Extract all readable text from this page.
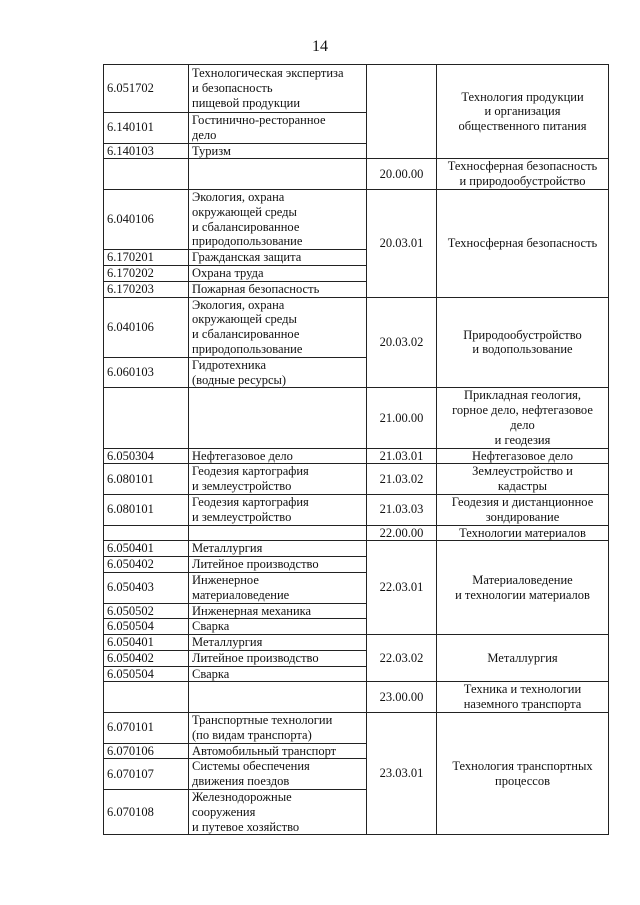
14
6.051702	Технологическая экспертиза
и безопасность
пищевой продукции		Технология продукции
и организация
общественного питания
6.140101	Гостинично-ресторанное
дело		
6.140103	Туризм		
		20.00.00	Техносферная безопасность
и природообустройство
6.040106	Экология, охрана
окружающей среды
и сбалансированное
природопользование	20.03.01	Техносферная безопасность
6.170201	Гражданская защита		
6.170202	Охрана труда		
6.170203	Пожарная безопасность		
6.040106	Экология, охрана
окружающей среды
и сбалансированное
природопользование	20.03.02	Природообустройство
и водопользование
6.060103	Гидротехника
(водные ресурсы)		
		21.00.00	Прикладная геология,
горное дело, нефтегазовое
дело
и геодезия
6.050304	Нефтегазовое дело	21.03.01	Нефтегазовое дело
6.080101	Геодезия картография
и землеустройство	21.03.02	Землеустройство и
кадастры
6.080101	Геодезия картография
и землеустройство	21.03.03	Геодезия и дистанционное
зондирование
		22.00.00	Технологии материалов
6.050401	Металлургия	22.03.01	Материаловедение
и технологии материалов
6.050402	Литейное производство		
6.050403	Инженерное
материаловедение		
6.050502	Инженерная механика		
6.050504	Сварка		
6.050401	Металлургия	22.03.02	Металлургия
6.050402	Литейное производство		
6.050504	Сварка		
		23.00.00	Техника и технологии
наземного транспорта
6.070101	Транспортные технологии
(по видам транспорта)	23.03.01	Технология транспортных
процессов
6.070106	Автомобильный транспорт		
6.070107	Системы обеспечения
движения поездов		
6.070108	Железнодорожные
сооружения
и путевое хозяйство		
